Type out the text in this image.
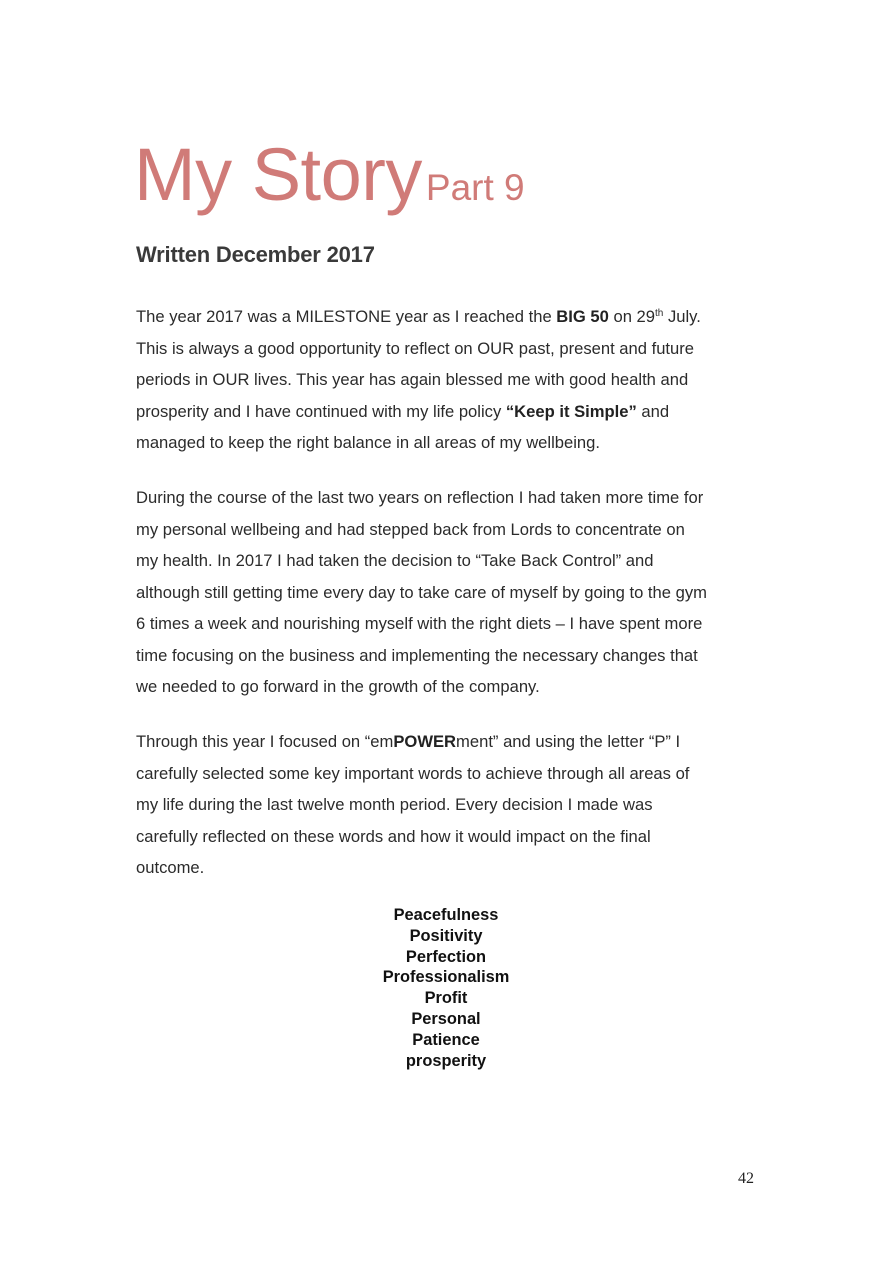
My Story Part 9
Written December 2017
The year 2017 was a MILESTONE year as I reached the BIG 50 on 29th July.
This is always a good opportunity to reflect on OUR past, present and future
periods in OUR lives. This year has again blessed me with good health and
prosperity and I have continued with my life policy “Keep it Simple” and
managed to keep the right balance in all areas of my wellbeing.
During the course of the last two years on reflection I had taken more time for
my personal wellbeing and had stepped back from Lords to concentrate on
my health. In 2017 I had taken the decision to “Take Back Control” and
although still getting time every day to take care of myself by going to the gym
6 times a week and nourishing myself with the right diets – I have spent more
time focusing on the business and implementing the necessary changes that
we needed to go forward in the growth of the company.
Through this year I focused on “emPOWERment” and using the letter “P” I
carefully selected some key important words to achieve through all areas of
my life during the last twelve month period. Every decision I made was
carefully reflected on these words and how it would impact on the final
outcome.
Peacefulness
Positivity
Perfection
Professionalism
Profit
Personal
Patience
prosperity
42
